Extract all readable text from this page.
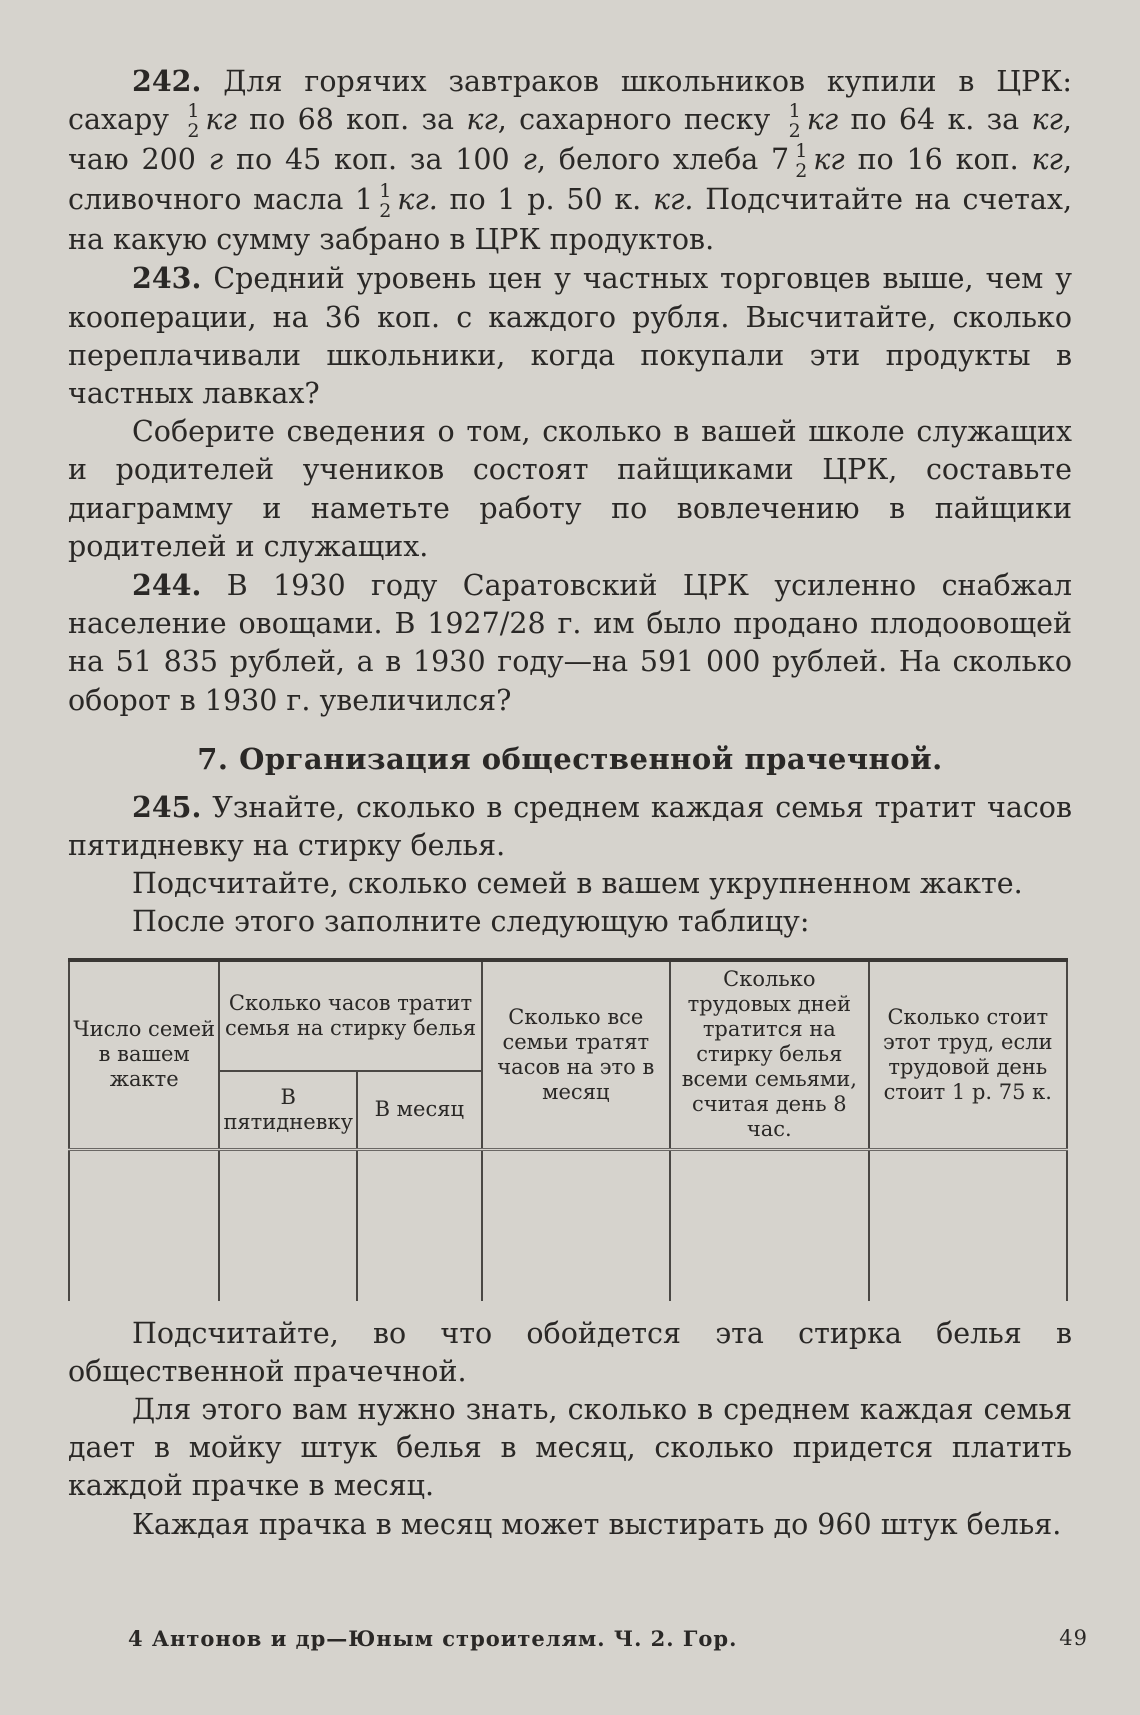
242. Для горячих завтраков школьников купили в ЦРК: сахару 1
2 кг по 68 коп. за кг, сахарного песку 1
2 кг по 64 к. за кг, чаю 200 г по 45 коп. за 100 г, белого хлеба 7 1
2 кг по 16 коп. кг, сливочного масла 1 1
2 кг. по 1 р. 50 к. кг. Подсчитайте на счетах, на какую сумму забрано в ЦРК продуктов.

243. Средний уровень цен у частных торговцев выше, чем у кооперации, на 36 коп. с каждого рубля. Высчитайте, сколько переплачивали школьники, когда покупали эти продукты в частных лавках?

Соберите сведения о том, сколько в вашей школе служащих и родителей учеников состоят пайщиками ЦРК, составьте диаграмму и наметьте работу по вовлечению в пайщики родителей и служащих.

244. В 1930 году Саратовский ЦРК усиленно снабжал население овощами. В 1927/28 г. им было продано плодоовощей на 51 835 рублей, а в 1930 году—на 591 000 рублей. На сколько оборот в 1930 г. увеличился?

7. Организация общественной прачечной.

245. Узнайте, сколько в среднем каждая семья тратит часов пятидневку на стирку белья.

Подсчитайте, сколько семей в вашем укрупненном жакте.

После этого заполните следующую таблицу:

Число семей в вашем жакте	Сколько часов тратит семья на стирку белья		Сколько все семьи тратят часов на это в месяц	Сколько трудовых дней тратится на стирку белья всеми семьями, считая день 8 час.	Сколько стоит этот труд, если трудовой день стоит 1 р. 75 к.
	В пятидневку	В месяц			

Подсчитайте, во что обойдется эта стирка белья в общественной прачечной.

Для этого вам нужно знать, сколько в среднем каждая семья дает в мойку штук белья в месяц, сколько придется платить каждой прачке в месяц.

Каждая прачка в месяц может выстирать до 960 штук белья.

4 Антонов и др—Юным строителям. Ч. 2. Гор.	49
